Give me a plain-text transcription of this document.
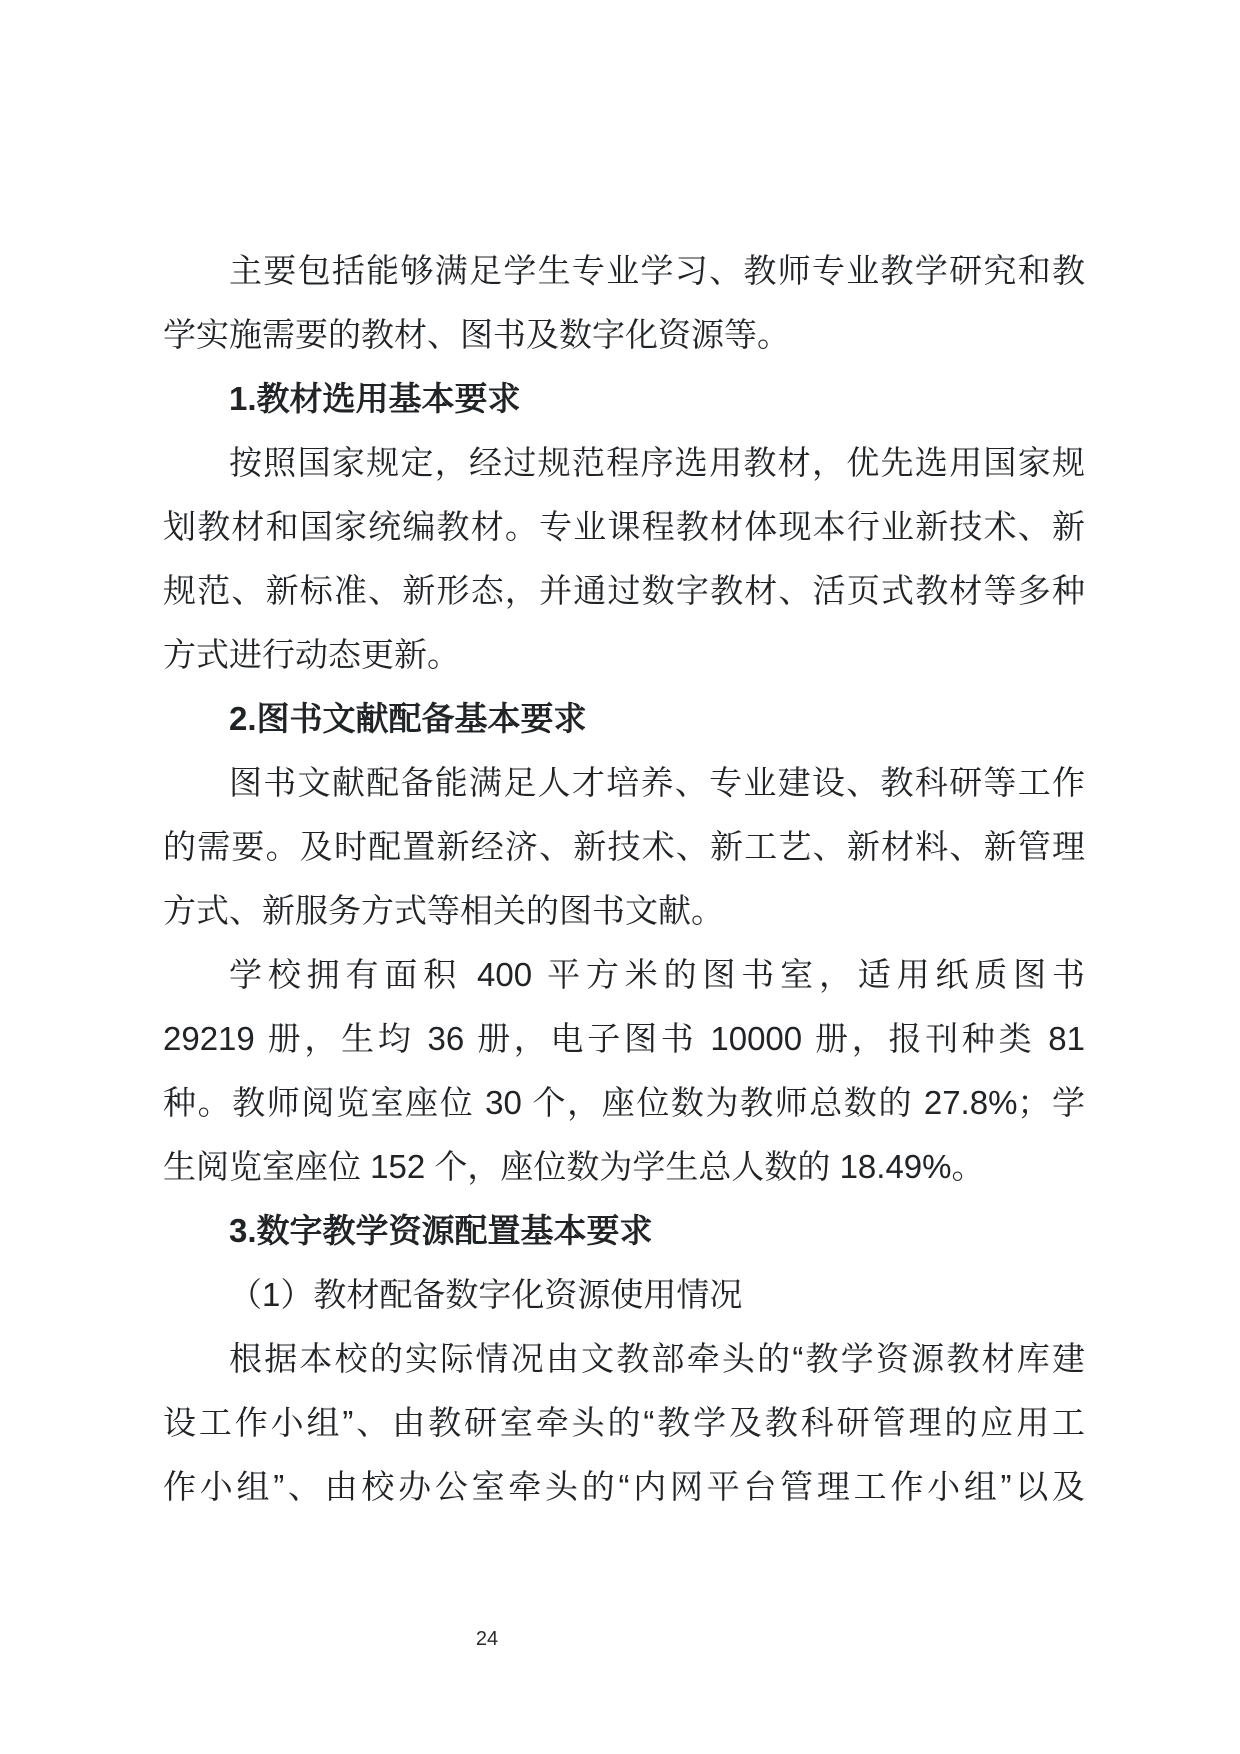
主要包括能够满足学生专业学习、教师专业教学研究和教
学实施需要的教材、图书及数字化资源等。
1.教材选用基本要求
按照国家规定，经过规范程序选用教材，优先选用国家规
划教材和国家统编教材。专业课程教材体现本行业新技术、新
规范、新标准、新形态，并通过数字教材、活页式教材等多种
方式进行动态更新。
2.图书文献配备基本要求
图书文献配备能满足人才培养、专业建设、教科研等工作
的需要。及时配置新经济、新技术、新工艺、新材料、新管理
方式、新服务方式等相关的图书文献。
学校拥有面积 400 平方米的图书室，适用纸质图书
29219 册，生均 36 册，电子图书 10000 册，报刊种类 81
种。教师阅览室座位 30 个，座位数为教师总数的 27.8%；学
生阅览室座位 152 个，座位数为学生总人数的 18.49%。
3.数字教学资源配置基本要求
（1）教材配备数字化资源使用情况
根据本校的实际情况由文教部牵头的“教学资源教材库建
设工作小组”、由教研室牵头的“教学及教科研管理的应用工
作小组”、由校办公室牵头的“内网平台管理工作小组”以及
24
